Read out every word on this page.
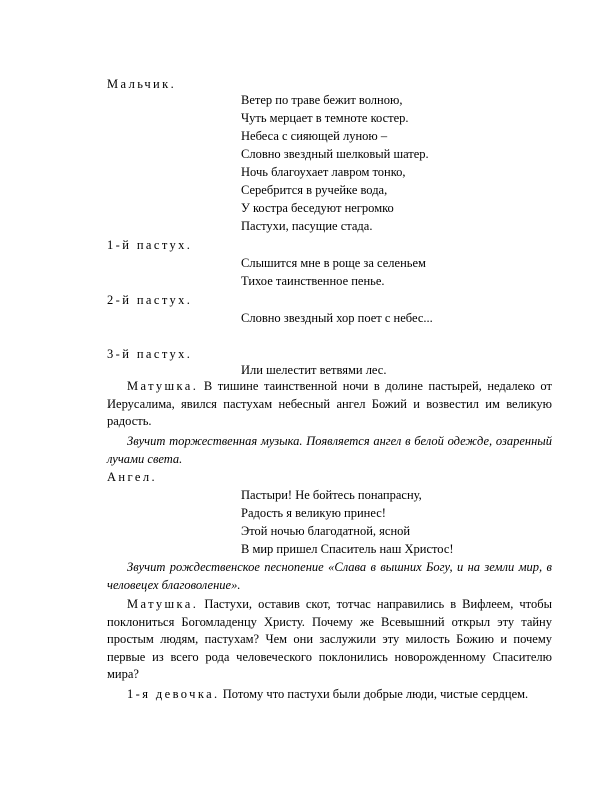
Мальчик.
Ветер по траве бежит волною,
Чуть мерцает в темноте костер.
Небеса с сияющей луною –
Словно звездный шелковый шатер.
Ночь благоухает лавром тонко,
Серебрится в ручейке вода,
У костра беседуют негромко
Пастухи, пасущие стада.
1-й пастух.
Слышится мне в роще за селеньем
Тихое таинственное пенье.
2-й пастух.
Словно звездный хор поет с небес...
3-й пастух.
Или шелестит ветвями лес.

Матушка. В тишине таинственной ночи в долине пастырей, недалеко от Иерусалима, явился пастухам небесный ангел Божий и возвестил им великую радость.

Звучит торжественная музыка. Появляется ангел в белой одежде, озаренный лучами света.

Ангел.
Пастыри! Не бойтесь понапрасну,
Радость я великую принес!
Этой ночью благодатной, ясной
В мир пришел Спаситель наш Христос!

Звучит рождественское песнопение «Слава в вышних Богу, и на земли мир, в человецех благоволение».

Матушка. Пастухи, оставив скот, тотчас направились в Вифлеем, чтобы поклониться Богомладенцу Христу. Почему же Всевышний открыл эту тайну простым людям, пастухам? Чем они заслужили эту милость Божию и почему первые из всего рода человеческого поклонились новорожденному Спасителю мира?

1-я девочка. Потому что пастухи были добрые люди, чистые сердцем.
